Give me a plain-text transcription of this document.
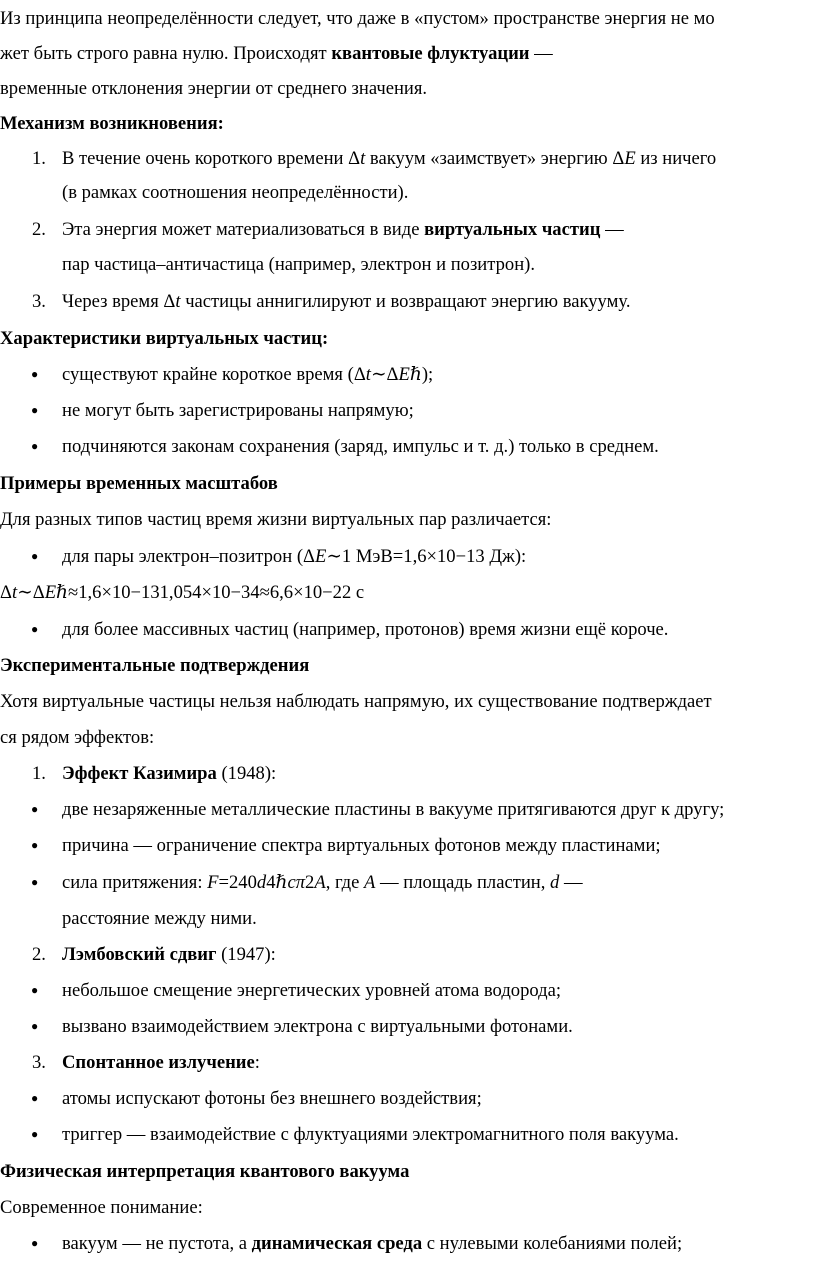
Из принципа неопределённости следует, что даже в «пустом» пространстве энергия не мо
жет быть строго равна нулю. Происходят квантовые флуктуации —
временные отклонения энергии от среднего значения.
Механизм возникновения:
1. В течение очень короткого времени Δt вакуум «заимствует» энергию ΔE из ничего
(в рамках соотношения неопределённости).
2. Эта энергия может материализоваться в виде виртуальных частиц —
пар частица–античастица (например, электрон и позитрон).
3. Через время Δt частицы аннигилируют и возвращают энергию вакууму.
Характеристики виртуальных частиц:
● существуют крайне короткое время (Δt∼ΔEℏ);
● не могут быть зарегистрированы напрямую;
● подчиняются законам сохранения (заряд, импульс и т. д.) только в среднем.
Примеры временных масштабов
Для разных типов частиц время жизни виртуальных пар различается:
● для пары электрон–позитрон (ΔE∼1 МэВ=1,6×10−13 Дж):
Δt∼ΔEℏ≈1,6×10−131,054×10−34≈6,6×10−22 с
● для более массивных частиц (например, протонов) время жизни ещё короче.
Экспериментальные подтверждения
Хотя виртуальные частицы нельзя наблюдать напрямую, их существование подтверждает
ся рядом эффектов:
1. Эффект Казимира (1948):
● две незаряженные металлические пластины в вакууме притягиваются друг к другу;
● причина — ограничение спектра виртуальных фотонов между пластинами;
● сила притяжения: F=240d4ℏcπ2A, где A — площадь пластин, d —
расстояние между ними.
2. Лэмбовский сдвиг (1947):
● небольшое смещение энергетических уровней атома водорода;
● вызвано взаимодействием электрона с виртуальными фотонами.
3. Спонтанное излучение:
● атомы испускают фотоны без внешнего воздействия;
● триггер — взаимодействие с флуктуациями электромагнитного поля вакуума.
Физическая интерпретация квантового вакуума
Современное понимание:
● вакуум — не пустота, а динамическая среда с нулевыми колебаниями полей;
